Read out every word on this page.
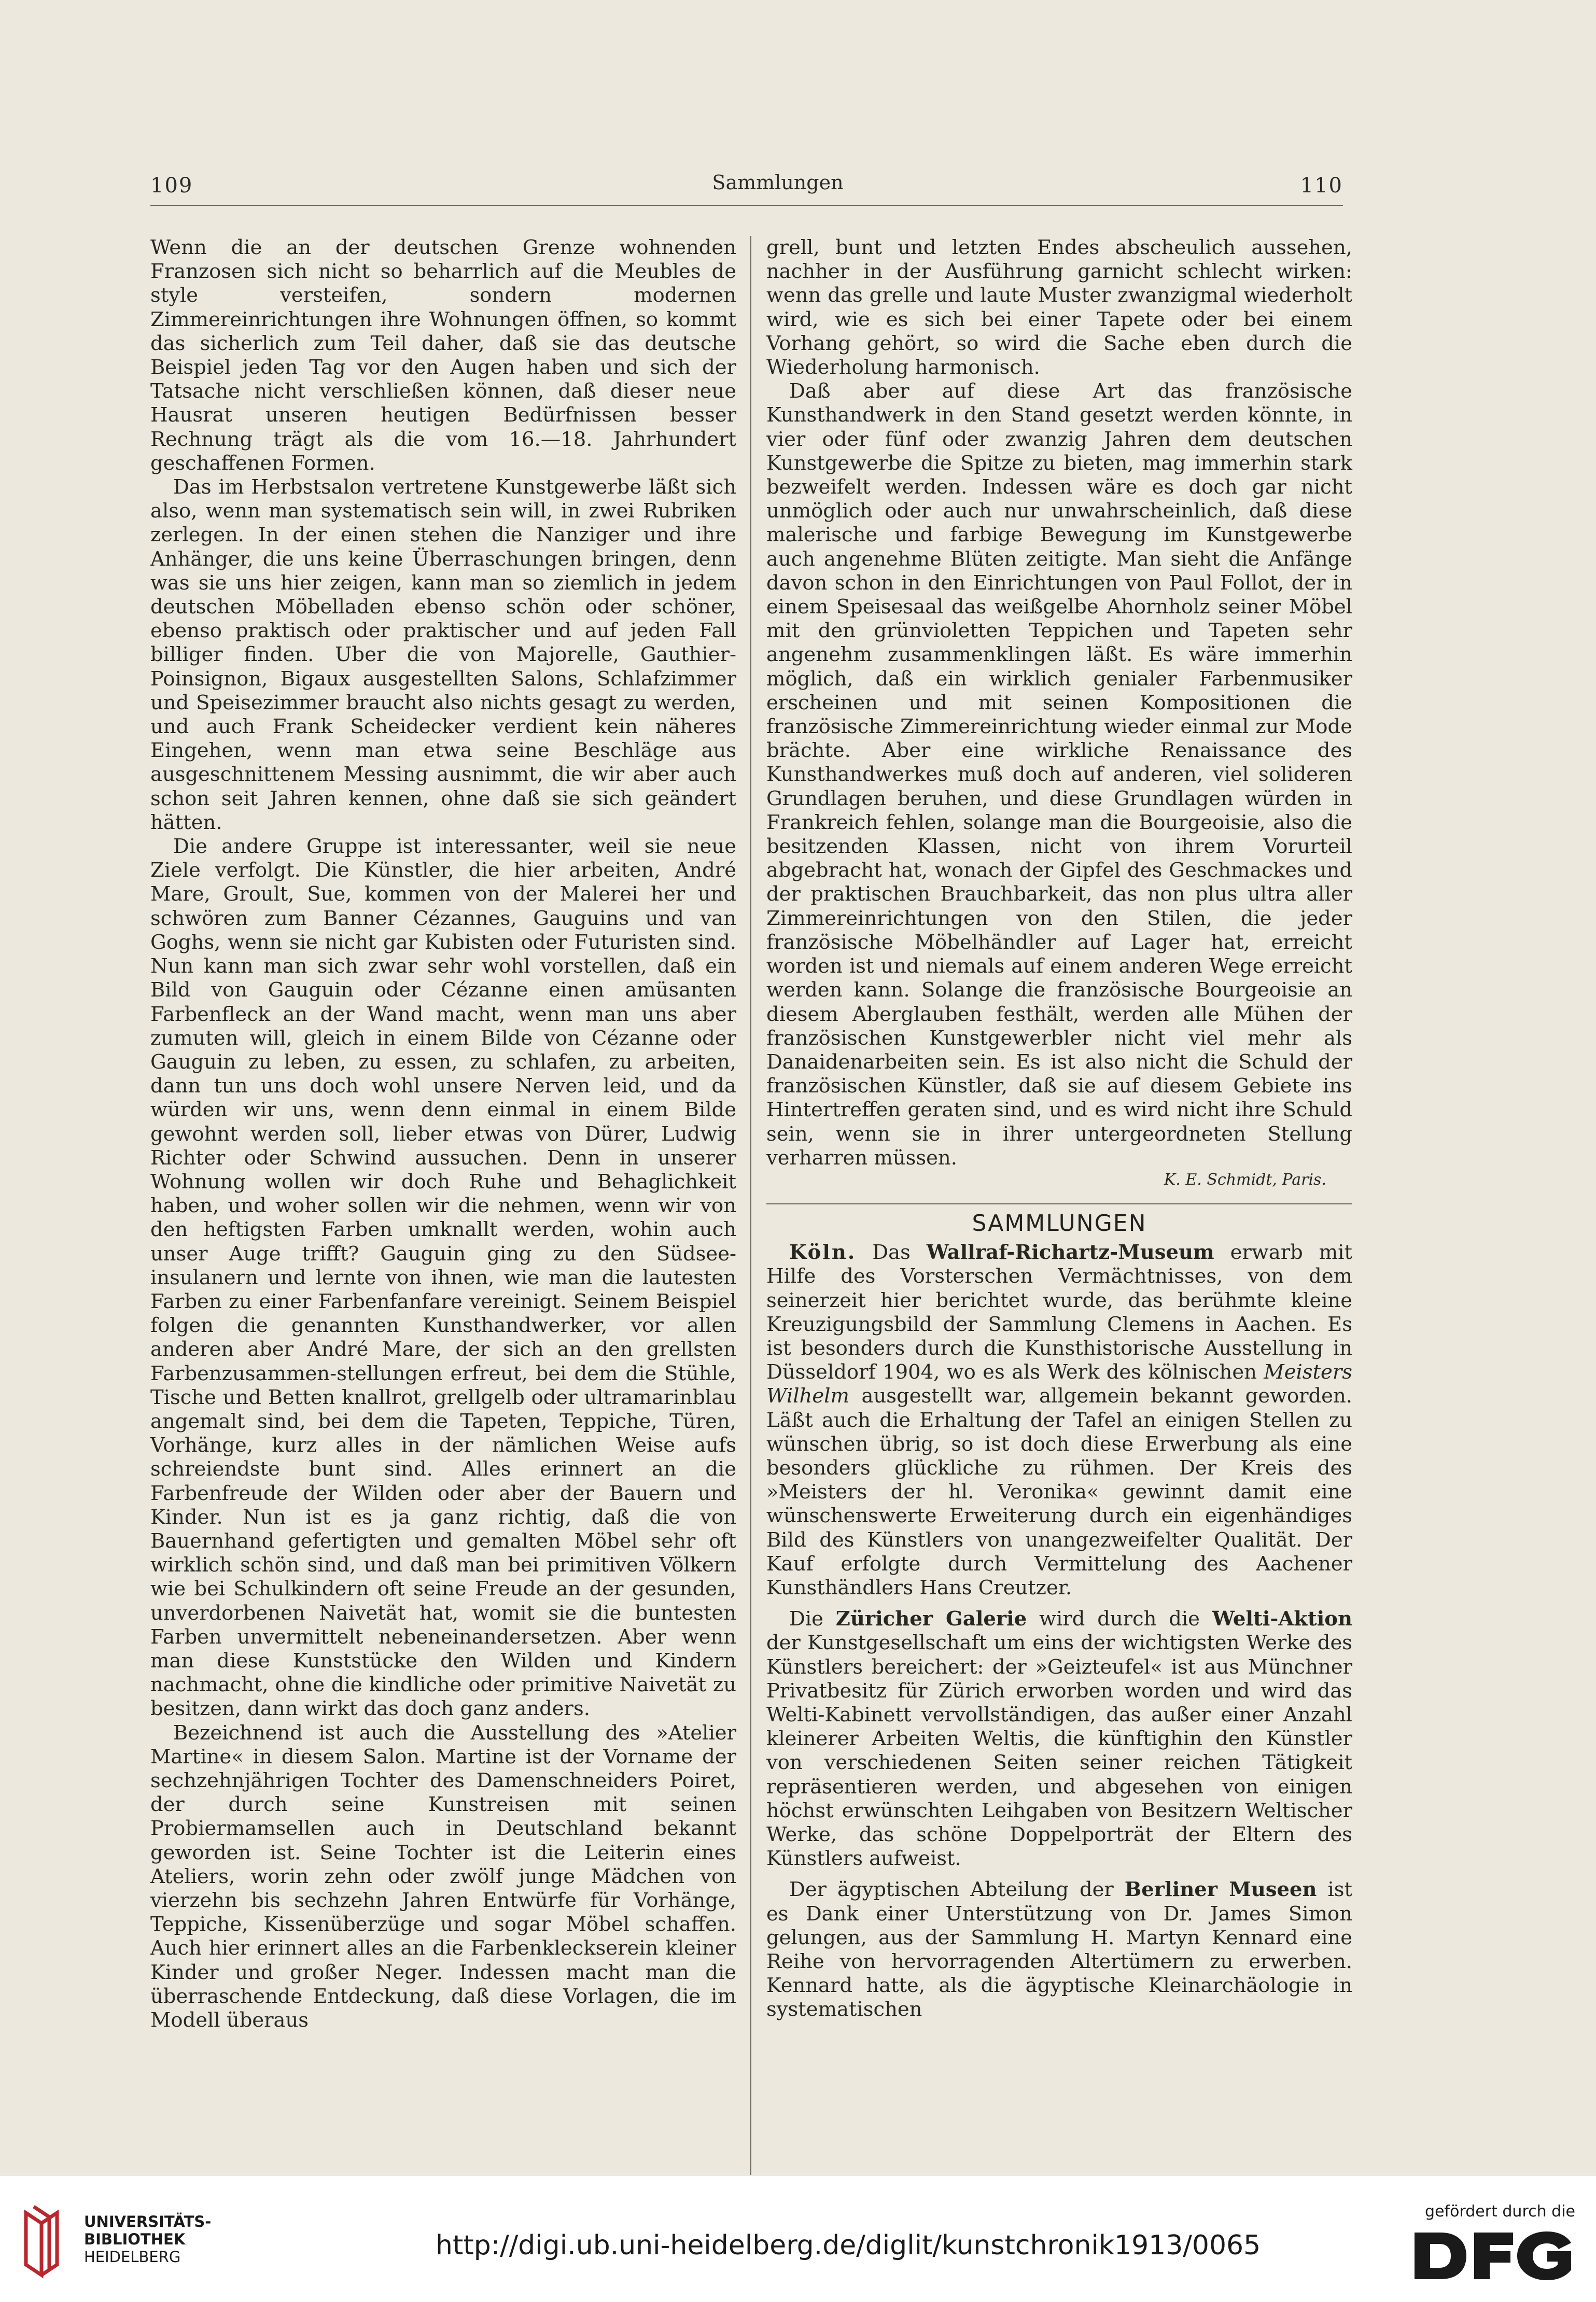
109	Sammlungen	110

Wenn die an der deutschen Grenze wohnenden Franzosen sich nicht so beharrlich auf die Meubles de style versteifen, sondern modernen Zimmereinrichtungen ihre Wohnungen öffnen, so kommt das sicherlich zum Teil daher, daß sie das deutsche Beispiel jeden Tag vor den Augen haben und sich der Tatsache nicht verschließen können, daß dieser neue Hausrat unseren heutigen Bedürfnissen besser Rechnung trägt als die vom 16.—18. Jahrhundert geschaffenen Formen.

Das im Herbstsalon vertretene Kunstgewerbe läßt sich also, wenn man systematisch sein will, in zwei Rubriken zerlegen. In der einen stehen die Nanziger und ihre Anhänger, die uns keine Überraschungen bringen, denn was sie uns hier zeigen, kann man so ziemlich in jedem deutschen Möbelladen ebenso schön oder schöner, ebenso praktisch oder praktischer und auf jeden Fall billiger finden. Uber die von Majorelle, Gauthier-Poinsignon, Bigaux ausgestellten Salons, Schlafzimmer und Speisezimmer braucht also nichts gesagt zu werden, und auch Frank Scheidecker verdient kein näheres Eingehen, wenn man etwa seine Beschläge aus ausgeschnittenem Messing ausnimmt, die wir aber auch schon seit Jahren kennen, ohne daß sie sich geändert hätten.

Die andere Gruppe ist interessanter, weil sie neue Ziele verfolgt. Die Künstler, die hier arbeiten, André Mare, Groult, Sue, kommen von der Malerei her und schwören zum Banner Cézannes, Gauguins und van Goghs, wenn sie nicht gar Kubisten oder Futuristen sind. Nun kann man sich zwar sehr wohl vorstellen, daß ein Bild von Gauguin oder Cézanne einen amüsanten Farbenfleck an der Wand macht, wenn man uns aber zumuten will, gleich in einem Bilde von Cézanne oder Gauguin zu leben, zu essen, zu schlafen, zu arbeiten, dann tun uns doch wohl unsere Nerven leid, und da würden wir uns, wenn denn einmal in einem Bilde gewohnt werden soll, lieber etwas von Dürer, Ludwig Richter oder Schwind aussuchen. Denn in unserer Wohnung wollen wir doch Ruhe und Behaglichkeit haben, und woher sollen wir die nehmen, wenn wir von den heftigsten Farben umknallt werden, wohin auch unser Auge trifft? Gauguin ging zu den Südsee-insulanern und lernte von ihnen, wie man die lautesten Farben zu einer Farbenfanfare vereinigt. Seinem Beispiel folgen die genannten Kunsthandwerker, vor allen anderen aber André Mare, der sich an den grellsten Farbenzusammen-stellungen erfreut, bei dem die Stühle, Tische und Betten knallrot, grellgelb oder ultramarinblau angemalt sind, bei dem die Tapeten, Teppiche, Türen, Vorhänge, kurz alles in der nämlichen Weise aufs schreiendste bunt sind. Alles erinnert an die Farbenfreude der Wilden oder aber der Bauern und Kinder. Nun ist es ja ganz richtig, daß die von Bauernhand gefertigten und gemalten Möbel sehr oft wirklich schön sind, und daß man bei primitiven Völkern wie bei Schulkindern oft seine Freude an der gesunden, unverdorbenen Naivetät hat, womit sie die buntesten Farben unvermittelt nebeneinandersetzen. Aber wenn man diese Kunststücke den Wilden und Kindern nachmacht, ohne die kindliche oder primitive Naivetät zu besitzen, dann wirkt das doch ganz anders.

Bezeichnend ist auch die Ausstellung des »Atelier Martine« in diesem Salon. Martine ist der Vorname der sechzehnjährigen Tochter des Damenschneiders Poiret, der durch seine Kunstreisen mit seinen Probiermamsellen auch in Deutschland bekannt geworden ist. Seine Tochter ist die Leiterin eines Ateliers, worin zehn oder zwölf junge Mädchen von vierzehn bis sechzehn Jahren Entwürfe für Vorhänge, Teppiche, Kissenüberzüge und sogar Möbel schaffen. Auch hier erinnert alles an die Farbenkleckserein kleiner Kinder und großer Neger. Indessen macht man die überraschende Entdeckung, daß diese Vorlagen, die im Modell überaus

grell, bunt und letzten Endes abscheulich aussehen, nachher in der Ausführung garnicht schlecht wirken: wenn das grelle und laute Muster zwanzigmal wiederholt wird, wie es sich bei einer Tapete oder bei einem Vorhang gehört, so wird die Sache eben durch die Wiederholung harmonisch.

Daß aber auf diese Art das französische Kunsthandwerk in den Stand gesetzt werden könnte, in vier oder fünf oder zwanzig Jahren dem deutschen Kunstgewerbe die Spitze zu bieten, mag immerhin stark bezweifelt werden. Indessen wäre es doch gar nicht unmöglich oder auch nur unwahrscheinlich, daß diese malerische und farbige Bewegung im Kunstgewerbe auch angenehme Blüten zeitigte. Man sieht die Anfänge davon schon in den Einrichtungen von Paul Follot, der in einem Speisesaal das weißgelbe Ahornholz seiner Möbel mit den grünvioletten Teppichen und Tapeten sehr angenehm zusammenklingen läßt. Es wäre immerhin möglich, daß ein wirklich genialer Farbenmusiker erscheinen und mit seinen Kompositionen die französische Zimmereinrichtung wieder einmal zur Mode brächte. Aber eine wirkliche Renaissance des Kunsthandwerkes muß doch auf anderen, viel solideren Grundlagen beruhen, und diese Grundlagen würden in Frankreich fehlen, solange man die Bourgeoisie, also die besitzenden Klassen, nicht von ihrem Vorurteil abgebracht hat, wonach der Gipfel des Geschmackes und der praktischen Brauchbarkeit, das non plus ultra aller Zimmereinrichtungen von den Stilen, die jeder französische Möbelhändler auf Lager hat, erreicht worden ist und niemals auf einem anderen Wege erreicht werden kann. Solange die französische Bourgeoisie an diesem Aberglauben festhält, werden alle Mühen der französischen Kunstgewerbler nicht viel mehr als Danaidenarbeiten sein. Es ist also nicht die Schuld der französischen Künstler, daß sie auf diesem Gebiete ins Hintertreffen geraten sind, und es wird nicht ihre Schuld sein, wenn sie in ihrer untergeordneten Stellung verharren müssen.

K. E. Schmidt, Paris.
SAMMLUNGEN

Köln. Das Wallraf-Richartz-Museum erwarb mit Hilfe des Vorsterschen Vermächtnisses, von dem seinerzeit hier berichtet wurde, das berühmte kleine Kreuzigungsbild der Sammlung Clemens in Aachen. Es ist besonders durch die Kunsthistorische Ausstellung in Düsseldorf 1904, wo es als Werk des kölnischen Meisters Wilhelm ausgestellt war, allgemein bekannt geworden. Läßt auch die Erhaltung der Tafel an einigen Stellen zu wünschen übrig, so ist doch diese Erwerbung als eine besonders glückliche zu rühmen. Der Kreis des »Meisters der hl. Veronika« gewinnt damit eine wünschenswerte Erweiterung durch ein eigenhändiges Bild des Künstlers von unangezweifelter Qualität. Der Kauf erfolgte durch Vermittelung des Aachener Kunsthändlers Hans Creutzer.

Die Züricher Galerie wird durch die Welti-Aktion der Kunstgesellschaft um eins der wichtigsten Werke des Künstlers bereichert: der »Geizteufel« ist aus Münchner Privatbesitz für Zürich erworben worden und wird das Welti-Kabinett vervollständigen, das außer einer Anzahl kleinerer Arbeiten Weltis, die künftighin den Künstler von verschiedenen Seiten seiner reichen Tätigkeit repräsentieren werden, und abgesehen von einigen höchst erwünschten Leihgaben von Besitzern Weltischer Werke, das schöne Doppelporträt der Eltern des Künstlers aufweist.

Der ägyptischen Abteilung der Berliner Museen ist es Dank einer Unterstützung von Dr. James Simon gelungen, aus der Sammlung H. Martyn Kennard eine Reihe von hervorragenden Altertümern zu erwerben. Kennard hatte, als die ägyptische Kleinarchäologie in systematischen

UNIVERSITÄTS-
BIBLIOTHEK
HEIDELBERG	http://digi.ub.uni-heidelberg.de/diglit/kunstchronik1913/0065
gefördert durch die
